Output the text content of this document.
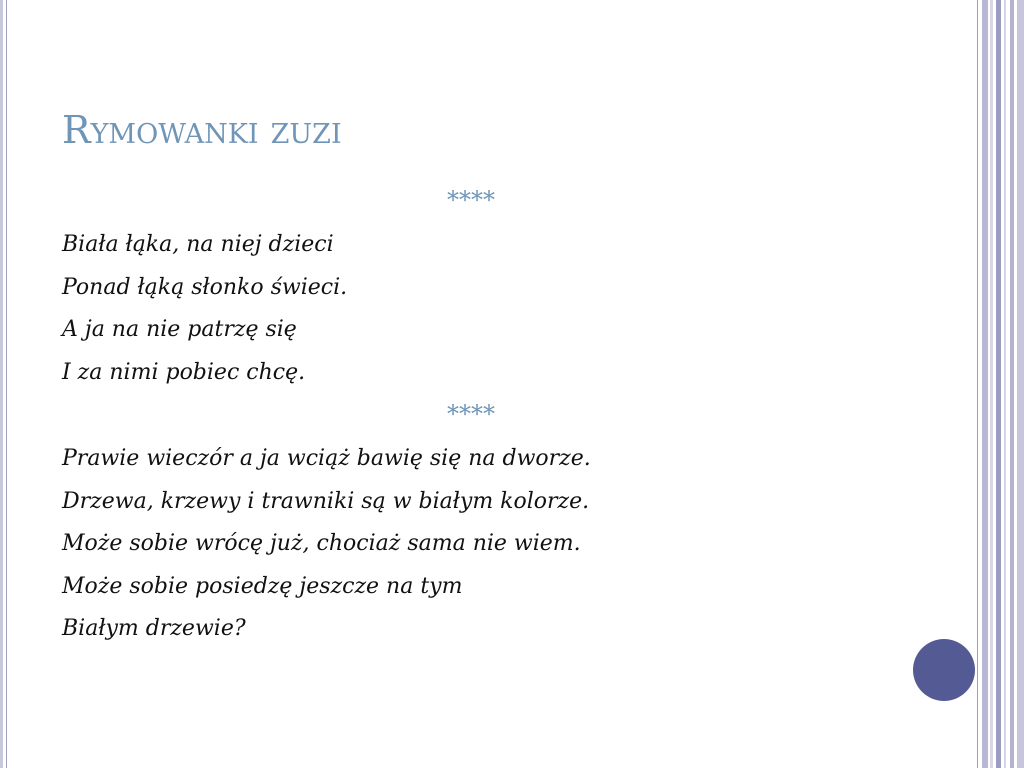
Rymowanki zuzi
****
Biała łąka, na niej dzieci
Ponad łąką słonko świeci.
A ja na nie patrzę się
I za nimi pobiec chcę.
****
Prawie wieczór a ja wciąż bawię się na dworze.
Drzewa, krzewy i trawniki są w białym kolorze.
Może sobie wrócę już, chociaż sama nie wiem.
Może sobie posiedzę jeszcze na tym
Białym drzewie?
